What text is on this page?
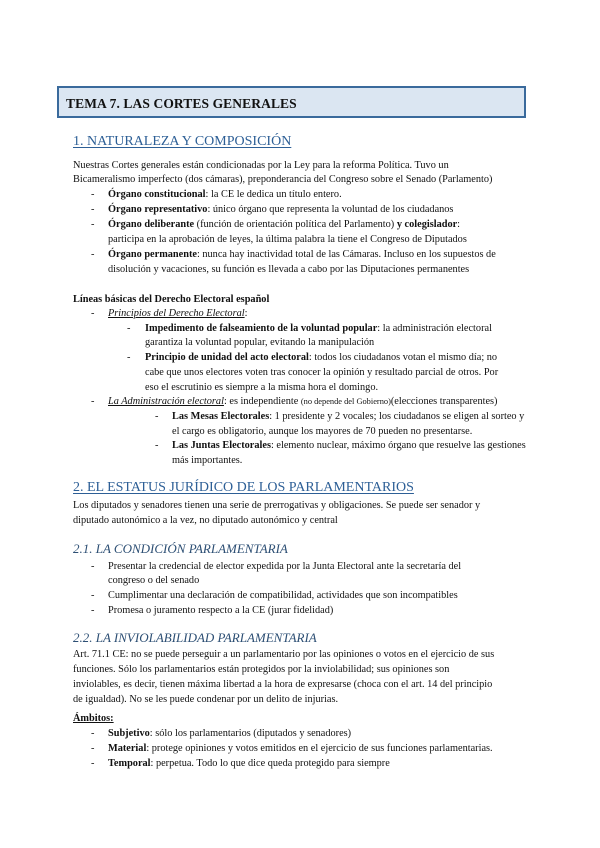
TEMA 7. LAS CORTES GENERALES
1. NATURALEZA Y COMPOSICIÓN
Nuestras Cortes generales están condicionadas por la Ley para la reforma Política. Tuvo un
Bicameralismo imperfecto (dos cámaras), preponderancia del Congreso sobre el Senado (Parlamento)
- Órgano constitucional: la CE le dedica un título entero.
- Órgano representativo: único órgano que representa la voluntad de los ciudadanos
- Órgano deliberante (función de orientación política del Parlamento) y colegislador:
participa en la aprobación de leyes, la última palabra la tiene el Congreso de Diputados
- Órgano permanente: nunca hay inactividad total de las Cámaras. Incluso en los supuestos de
disolución y vacaciones, su función es llevada a cabo por las Diputaciones permanentes
Líneas básicas del Derecho Electoral español
- Principios del Derecho Electoral:
- Impedimento de falseamiento de la voluntad popular: la administración electoral
garantiza la voluntad popular, evitando la manipulación
- Principio de unidad del acto electoral: todos los ciudadanos votan el mismo día; no
cabe que unos electores voten tras conocer la opinión y resultado parcial de otros. Por
eso el escrutinio es siempre a la misma hora el domingo.
- La Administración electoral: es independiente (no depende del Gobierno)(elecciones transparentes)
- Las Mesas Electorales: 1 presidente y 2 vocales; los ciudadanos se eligen al sorteo y
el cargo es obligatorio, aunque los mayores de 70 pueden no presentarse.
- Las Juntas Electorales: elemento nuclear, máximo órgano que resuelve las gestiones
más importantes.
2. EL ESTATUS JURÍDICO DE LOS PARLAMENTARIOS
Los diputados y senadores tienen una serie de prerrogativas y obligaciones. Se puede ser senador y
diputado autonómico a la vez, no diputado autonómico y central
2.1. LA CONDICIÓN PARLAMENTARIA
- Presentar la credencial de elector expedida por la Junta Electoral ante la secretaría del
congreso o del senado
- Cumplimentar una declaración de compatibilidad, actividades que son incompatibles
- Promesa o juramento respecto a la CE (jurar fidelidad)
2.2. LA INVIOLABILIDAD PARLAMENTARIA
Art. 71.1 CE: no se puede perseguir a un parlamentario por las opiniones o votos en el ejercicio de sus
funciones. Sólo los parlamentarios están protegidos por la inviolabilidad; sus opiniones son
inviolables, es decir, tienen máxima libertad a la hora de expresarse (choca con el art. 14 del principio
de igualdad). No se les puede condenar por un delito de injurias.
Ámbitos:
- Subjetivo: sólo los parlamentarios (diputados y senadores)
- Material: protege opiniones y votos emitidos en el ejercicio de sus funciones parlamentarias.
- Temporal: perpetua. Todo lo que dice queda protegido para siempre
